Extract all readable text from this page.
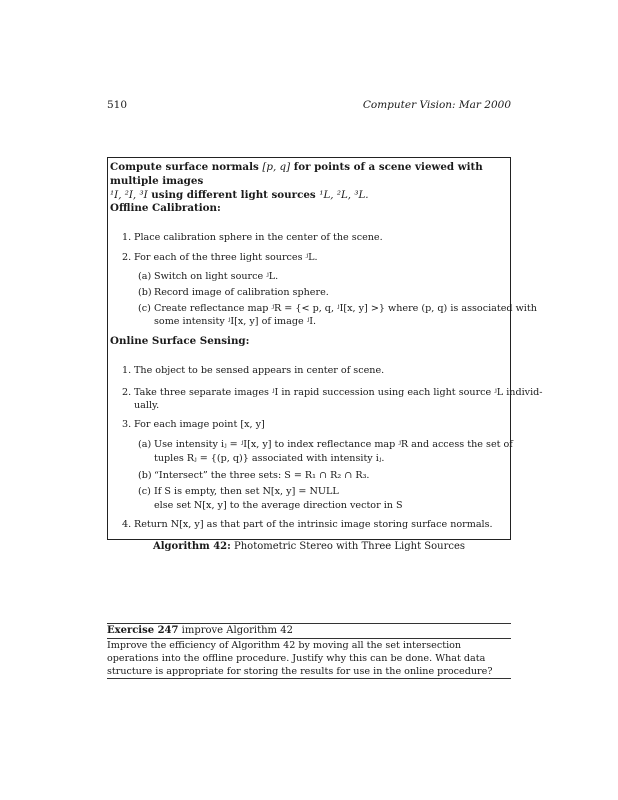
510	Computer Vision: Mar 2000
Compute surface normals [p, q] for points of a scene viewed with multiple images
¹I, ²I, ³I using different light sources ¹L, ²L, ³L.
Offline Calibration:
1. Place calibration sphere in the center of the scene.
2. For each of the three light sources ʲL.
(a) Switch on light source ʲL.
(b) Record image of calibration sphere.
(c) Create reflectance map ʲR = {< p, q, ʲI[x, y] >} where (p, q) is associated with
some intensity ʲI[x, y] of image ʲI.
Online Surface Sensing:
1. The object to be sensed appears in center of scene.
2. Take three separate images ʲI in rapid succession using each light source ʲL individ-
ually.
3. For each image point [x, y]
(a) Use intensity iⱼ = ʲI[x, y] to index reflectance map ʲR and access the set of
tuples Rⱼ = {(p, q)} associated with intensity iⱼ.
(b) “Intersect” the three sets: S = R₁ ∩ R₂ ∩ R₃.
(c) If S is empty, then set N[x, y] = NULL
else set N[x, y] to the average direction vector in S
4. Return N[x, y] as that part of the intrinsic image storing surface normals.
Algorithm 42: Photometric Stereo with Three Light Sources
Exercise 247 improve Algorithm 42
Improve the efficiency of Algorithm 42 by moving all the set intersection operations into the offline procedure. Justify why this can be done. What data structure is appropriate for storing the results for use in the online procedure?
